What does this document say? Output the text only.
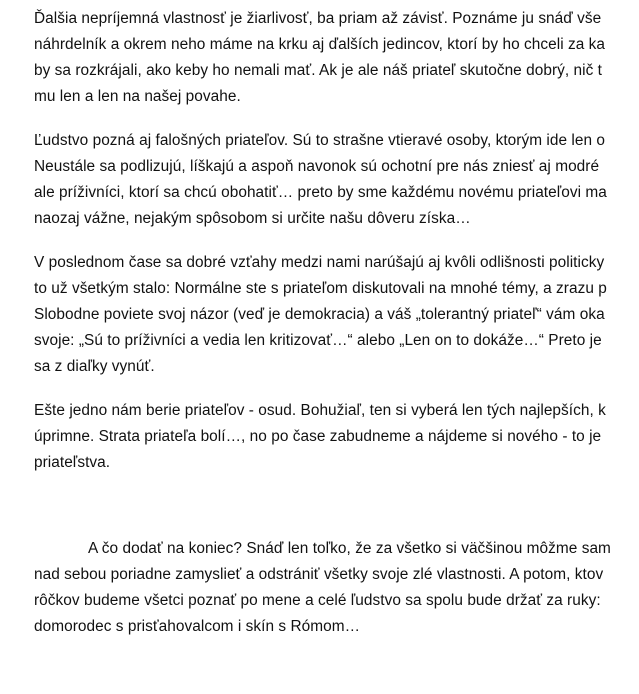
Ďalšia nepríjemná vlastnosť je žiarlivosť, ba priam až závisť. Poznáme ju snáď vše
náhrdelník a okrem neho máme na krku aj ďalších jedincov, ktorí by ho chceli za ka
by sa rozkrájali, ako keby ho nemali mať. Ak je ale náš priateľ skutočne dobrý, nič t
mu len a len na našej povahe.
Ľudstvo pozná aj falošných priateľov. Sú to strašne vtieravé osoby, ktorým ide len o
Neustále sa podlizujú, líškajú a aspoň navonok sú ochotní pre nás zniesť aj modré
ale príživníci, ktorí sa chcú obohatiť… preto by sme každému novému priateľovi ma
naozaj vážne, nejakým spôsobom si určite našu dôveru získa…
V poslednom čase sa dobré vzťahy medzi nami narúšajú aj kvôli odlišnosti politicky
to už všetkým stalo: Normálne ste s priateľom diskutovali na mnohé témy, a zrazu p
Slobodne poviete svoj názor (veď je demokracia) a váš „tolerantný priateľ“ vám oka
svoje: „Sú to príživníci a vedia len kritizovať…“ alebo „Len on to dokáže…“ Preto je
sa z diaľky vynúť.
Ešte jedno nám berie priateľov - osud. Bohužiaľ, ten si vyberá len tých najlepších, k
úprimne. Strata priateľa bolí…, no po čase zabudneme a nájdeme si nového - to je
priateľstva.
A čo dodať na koniec? Snáď len toľko, že za všetko si väčšinou môžme sam
nad sebou poriadne zamyslieť a odstrániť všetky svoje zlé vlastnosti. A potom, ktov
rôčkov budeme všetci poznať po mene a celé ľudstvo sa spolu bude držať za ruky:
domorodec s prisťahovalcom i skín s Rómom…
